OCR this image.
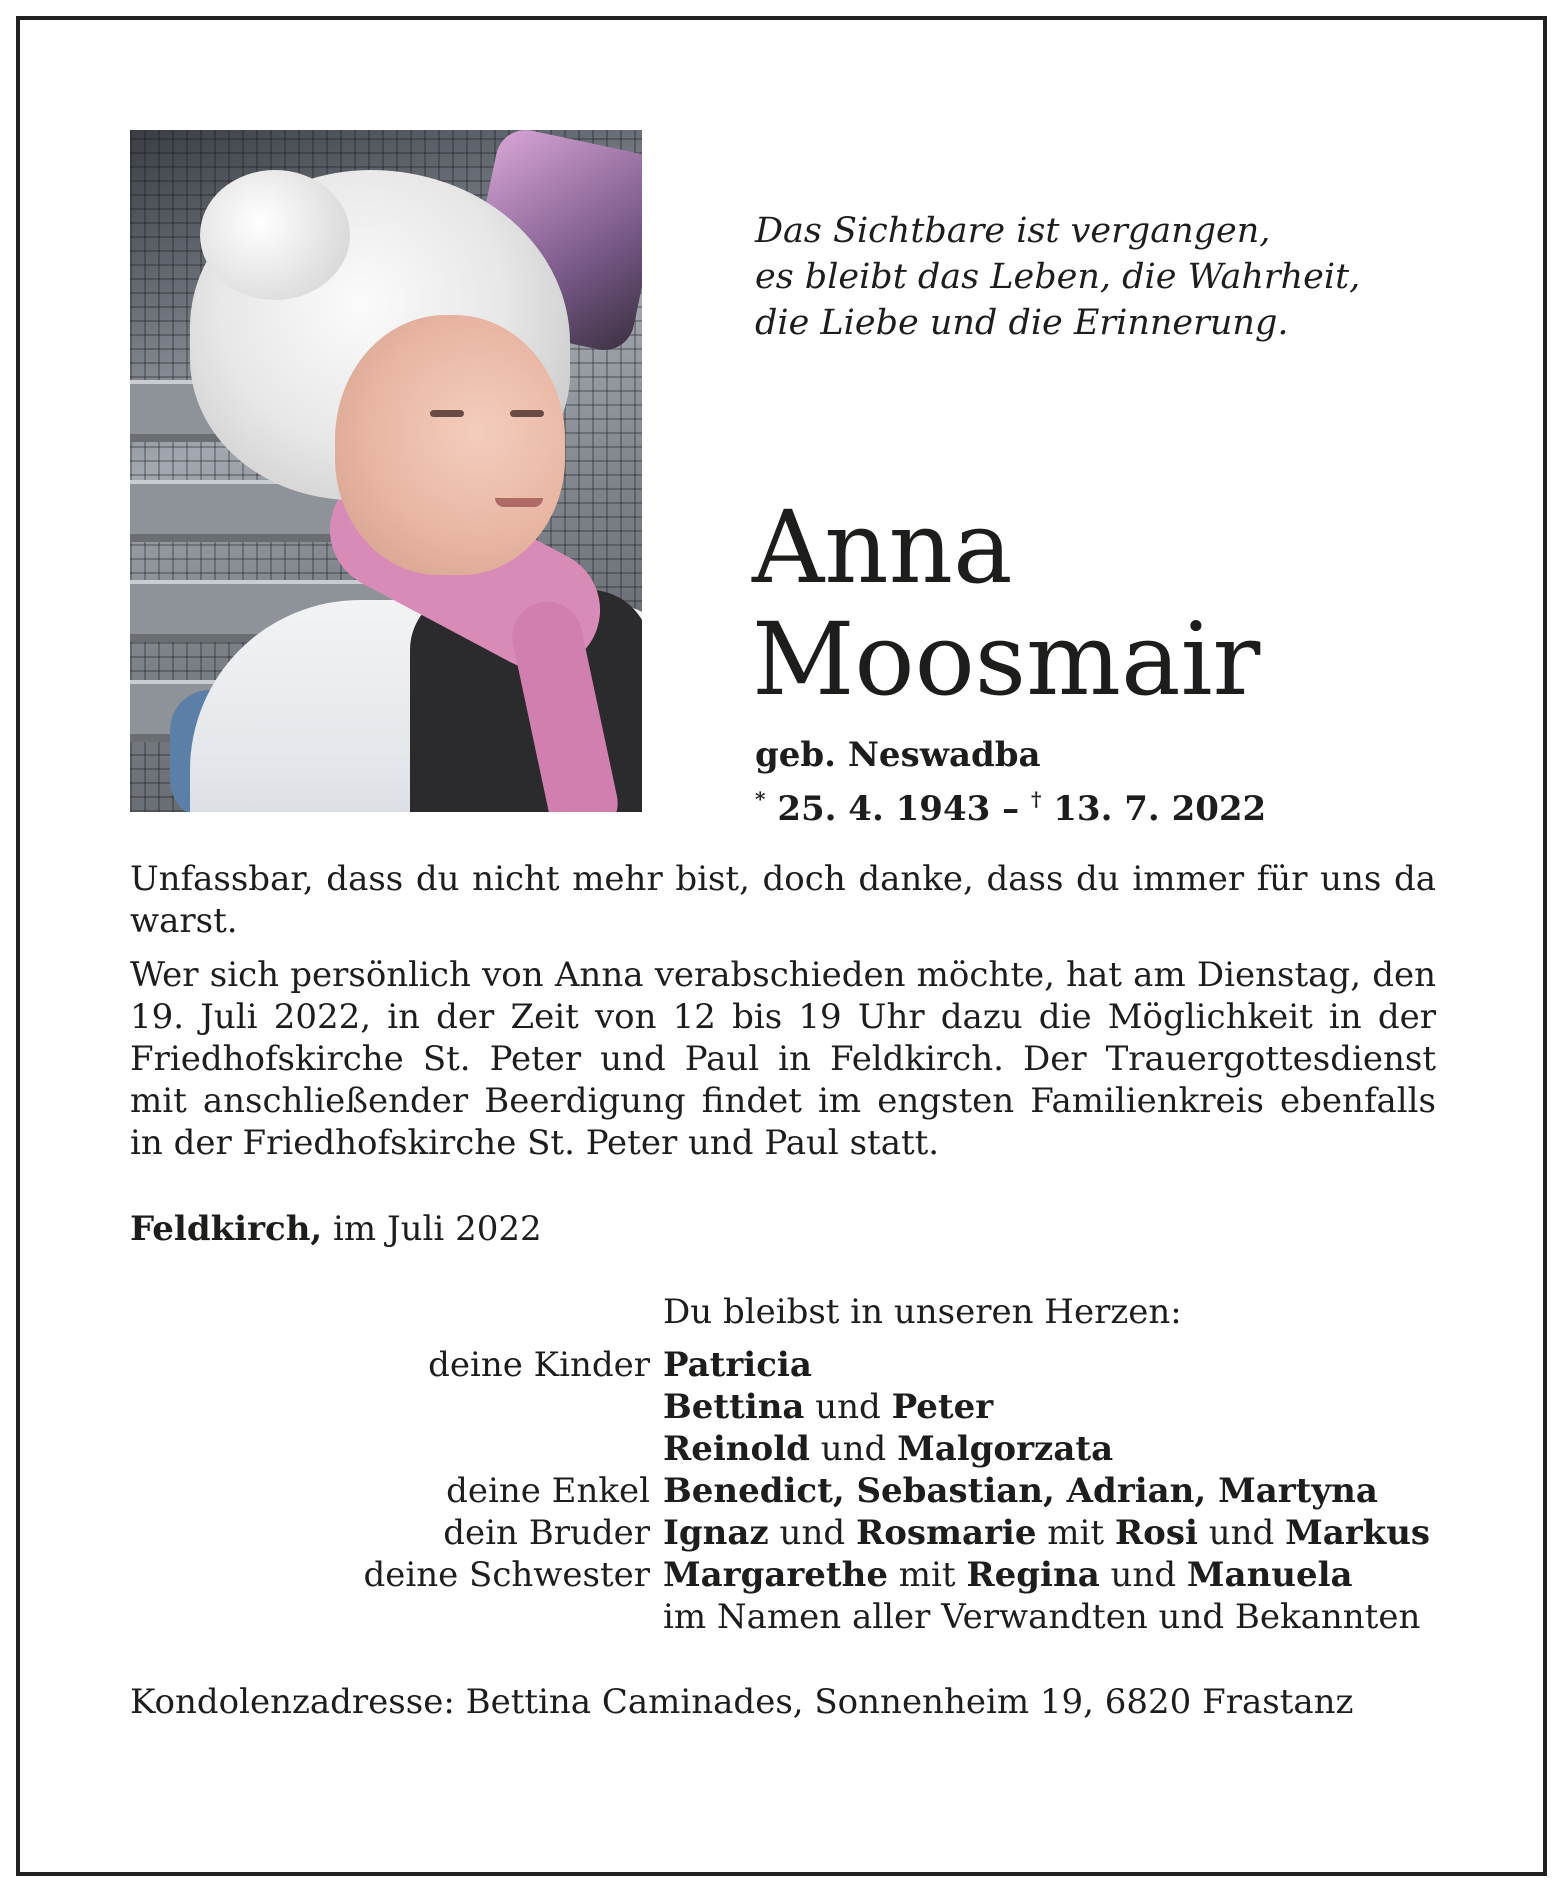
Das Sichtbare ist vergangen,
es bleibt das Leben, die Wahrheit,
die Liebe und die Erinnerung.

Anna
Moosmair
geb. Neswadba
* 25. 4. 1943 – † 13. 7. 2022

Unfassbar, dass du nicht mehr bist, doch danke, dass du immer für uns da warst.

Wer sich persönlich von Anna verabschieden möchte, hat am Dienstag, den 19. Juli 2022, in der Zeit von 12 bis 19 Uhr dazu die Möglichkeit in der Friedhofskirche St. Peter und Paul in Feldkirch. Der Trauergottesdienst mit anschließender Beerdigung findet im engsten Familienkreis ebenfalls in der Friedhofskirche St. Peter und Paul statt.

Feldkirch, im Juli 2022
Du bleibst in unseren Herzen:
deine Kinder Patricia
Bettina und Peter
Reinold und Malgorzata
deine Enkel Benedict, Sebastian, Adrian, Martyna
dein Bruder Ignaz und Rosmarie mit Rosi und Markus
deine Schwester Margarethe mit Regina und Manuela
im Namen aller Verwandten und Bekannten
Kondolenzadresse: Bettina Caminades, Sonnenheim 19, 6820 Frastanz
